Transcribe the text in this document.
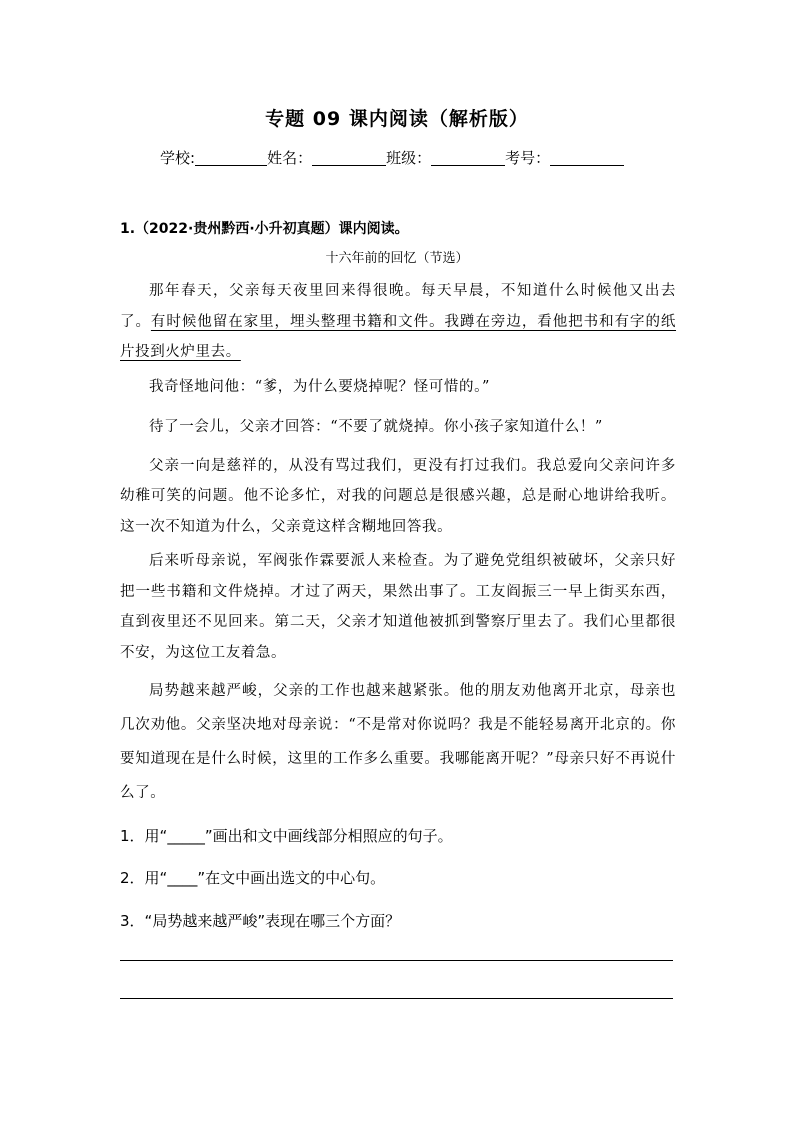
专题 09 课内阅读（解析版）
学校:	姓名：	班级：	考号：
1.（2022·贵州黔西·小升初真题）课内阅读。
十六年前的回忆（节选）

那年春天，父亲每天夜里回来得很晚。每天早晨，不知道什么时候他又出去了。有时候他留在家里，埋头整理书籍和文件。我蹲在旁边，看他把书和有字的纸片投到火炉里去。

我奇怪地问他：“爹，为什么要烧掉呢？怪可惜的。”

待了一会儿，父亲才回答：“不要了就烧掉。你小孩子家知道什么！”

父亲一向是慈祥的，从没有骂过我们，更没有打过我们。我总爱向父亲问许多幼稚可笑的问题。他不论多忙，对我的问题总是很感兴趣，总是耐心地讲给我听。这一次不知道为什么，父亲竟这样含糊地回答我。

后来听母亲说，军阀张作霖要派人来检查。为了避免党组织被破坏，父亲只好把一些书籍和文件烧掉。才过了两天，果然出事了。工友阎振三一早上街买东西，直到夜里还不见回来。第二天，父亲才知道他被抓到警察厅里去了。我们心里都很不安，为这位工友着急。

局势越来越严峻，父亲的工作也越来越紧张。他的朋友劝他离开北京，母亲也几次劝他。父亲坚决地对母亲说：“不是常对你说吗？我是不能轻易离开北京的。你要知道现在是什么时候，这里的工作多么重要。我哪能离开呢？”母亲只好不再说什么了。

1．用“_____”画出和文中画线部分相照应的句子。
2．用“____”在文中画出选文的中心句。
3．“局势越来越严峻”表现在哪三个方面？
